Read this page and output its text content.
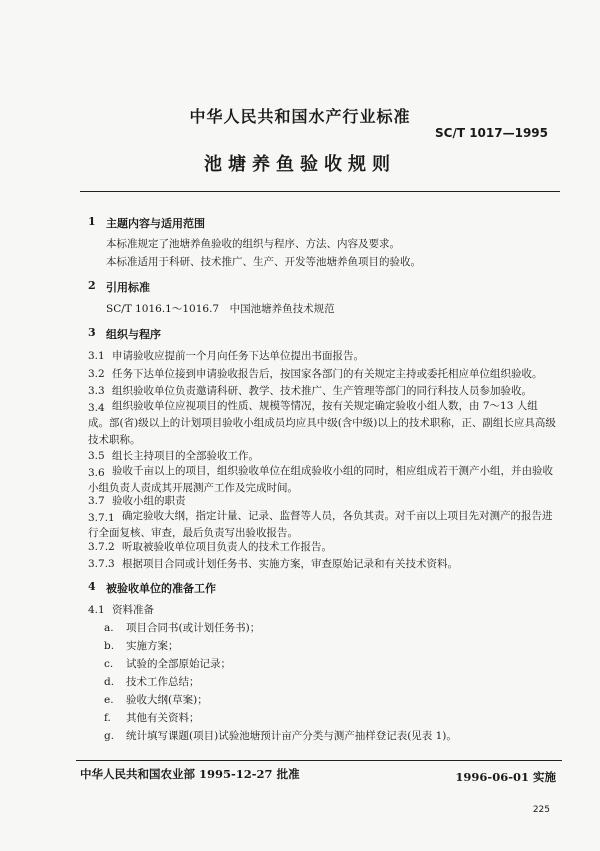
中华人民共和国水产行业标准
SC/T 1017—1995
池塘养鱼验收规则
1 主题内容与适用范围
本标准规定了池塘养鱼验收的组织与程序、方法、内容及要求。
本标准适用于科研、技术推广、生产、开发等池塘养鱼项目的验收。
2 引用标准
SC/T 1016.1～1016.7　中国池塘养鱼技术规范
3 组织与程序
3.1 申请验收应提前一个月向任务下达单位提出书面报告。
3.2 任务下达单位接到申请验收报告后，按国家各部门的有关规定主持或委托相应单位组织验收。
3.3 组织验收单位负责邀请科研、教学、技术推广、生产管理等部门的同行科技人员参加验收。
3.4 组织验收单位应视项目的性质、规模等情况，按有关规定确定验收小组人数，由 7～13 人组成。部(省)级以上的计划项目验收小组成员均应具中级(含中级)以上的技术职称，正、副组长应具高级技术职称。
3.5 组长主持项目的全部验收工作。
3.6 验收千亩以上的项目，组织验收单位在组成验收小组的同时，相应组成若干测产小组，并由验收小组负责人责成其开展测产工作及完成时间。
3.7 验收小组的职责
3.7.1 确定验收大纲，指定计量、记录、监督等人员，各负其责。对千亩以上项目先对测产的报告进行全面复核、审查，最后负责写出验收报告。
3.7.2 听取被验收单位项目负责人的技术工作报告。
3.7.3 根据项目合同或计划任务书、实施方案，审查原始记录和有关技术资料。
4 被验收单位的准备工作
4.1 资料准备
a. 项目合同书(或计划任务书)；
b. 实施方案；
c. 试验的全部原始记录；
d. 技术工作总结；
e. 验收大纲(草案)；
f. 其他有关资料；
g. 统计填写课题(项目)试验池塘预计亩产分类与测产抽样登记表(见表 1)。
中华人民共和国农业部 1995-12-27 批准	1996-06-01 实施
225
